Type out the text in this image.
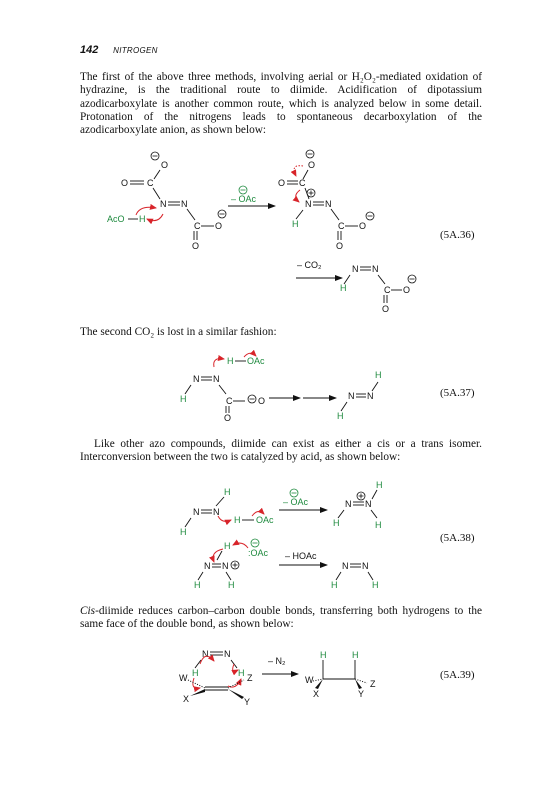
142 NITROGEN
The first of the above three methods, involving aerial or H₂O₂-mediated oxidation of hydrazine, is the traditional route to diimide. Acidification of dipotassium azodicarboxylate is another common route, which is analyzed below in some detail. Protonation of the nitrogens leads to spontaneous decarboxylation of the azodicarboxylate anion, as shown below:
The second CO₂ is lost in a similar fashion:
Like other azo compounds, diimide can exist as either a cis or a trans isomer. Interconversion between the two is catalyzed by acid, as shown below:
Cis-diimide reduces carbon–carbon double bonds, transferring both hydrogens to the same face of the double bond, as shown below:
(5A.36)
(5A.37)
(5A.38)
(5A.39)
O
O C
N N
C O
O
AcO H
– OAc
O
O C
N N
H	C O
O
– CO₂	N N
H	C O
O
H OAc
N N
H	C	O
O
N N
H
H
H
N N
H
H OAc
– OAc
H
N N
H	H
H
:OAc
N N
H	H
– HOAc
N N
H	H
N N
H	H
W
X
Z
Y
– N₂
H	H
W
X
Z
Y
